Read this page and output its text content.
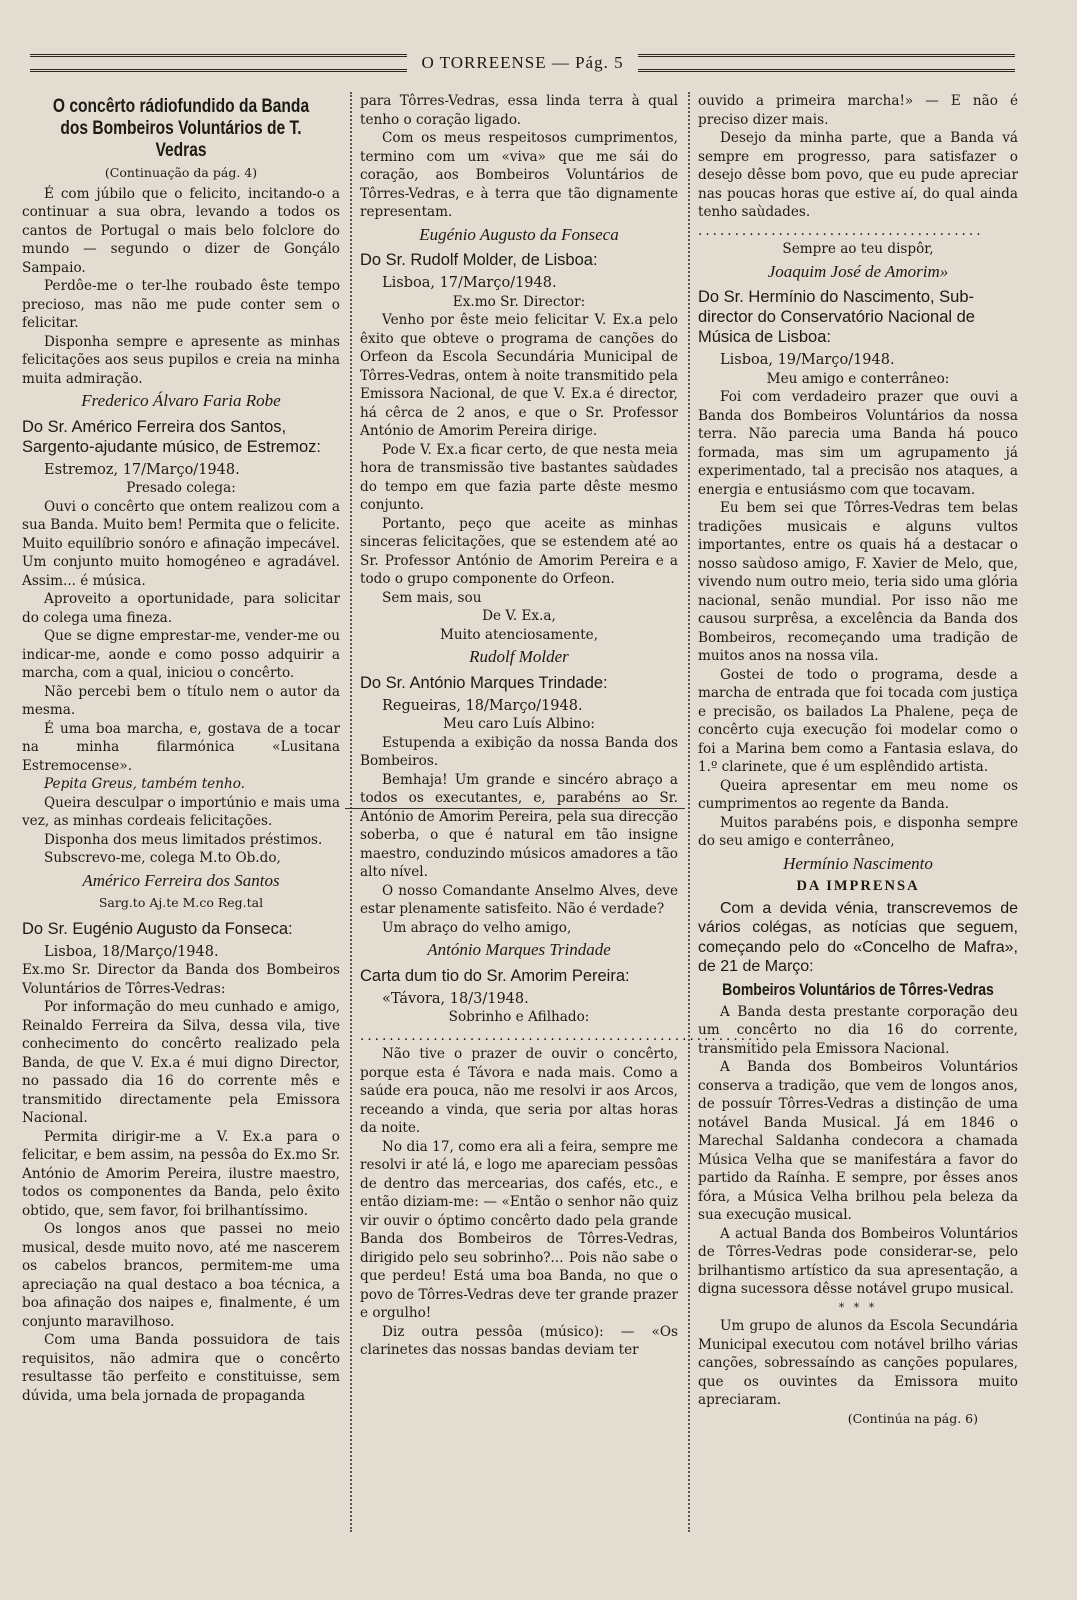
O TORREENSE — Pág. 5
O concêrto rádiofundido da Banda dos Bombeiros Voluntários de T. Vedras
(Continuação da pág. 4)

É com júbilo que o felicito, incitando-o a continuar a sua obra, levando a todos os cantos de Portugal o mais belo folclore do mundo — segundo o dizer de Gonçálo Sampaio.

Perdôe-me o ter-lhe roubado êste tempo precioso, mas não me pude conter sem o felicitar.

Disponha sempre e apresente as minhas felicitações aos seus pupilos e creia na minha muita admiração.

Frederico Álvaro Faria Robe
Do Sr. Américo Ferreira dos Santos, Sargento-ajudante músico, de Estremoz:

Estremoz, 17/Março/1948.

Presado colega:

Ouvi o concêrto que ontem realizou com a sua Banda. Muito bem! Permita que o felicite. Muito equilíbrio sonóro e afinação impecável. Um conjunto muito homogéneo e agradável. Assim... é música.

Aproveito a oportunidade, para solicitar do colega uma fineza.

Que se digne emprestar-me, vender-me ou indicar-me, aonde e como posso adquirir a marcha, com a qual, iniciou o concêrto.

Não percebi bem o título nem o autor da mesma.

É uma boa marcha, e, gostava de a tocar na minha filarmónica «Lusitana Estremocense».

Pepita Greus, também tenho.

Queira desculpar o importúnio e mais uma vez, as minhas cordeais felicitações.

Disponha dos meus limitados préstimos.

Subscrevo-me, colega M.to Ob.do,

Américo Ferreira dos Santos
Sarg.to Aj.te M.co Reg.tal
Do Sr. Eugénio Augusto da Fonseca:

Lisboa, 18/Março/1948.

Ex.mo Sr. Director da Banda dos Bombeiros Voluntários de Tôrres-Vedras:

Por informação do meu cunhado e amigo, Reinaldo Ferreira da Silva, dessa vila, tive conhecimento do concêrto realizado pela Banda, de que V. Ex.a é mui digno Director, no passado dia 16 do corrente mês e transmitido directamente pela Emissora Nacional.

Permita dirigir-me a V. Ex.a para o felicitar, e bem assim, na pessôa do Ex.mo Sr. António de Amorim Pereira, ilustre maestro, todos os componentes da Banda, pelo êxito obtido, que, sem favor, foi brilhantíssimo.

Os longos anos que passei no meio musical, desde muito novo, até me nascerem os cabelos brancos, permitem-me uma apreciação na qual destaco a boa técnica, a boa afinação dos naipes e, finalmente, é um conjunto maravilhoso.

Com uma Banda possuidora de tais requisitos, não admira que o concêrto resultasse tão perfeito e constituisse, sem dúvida, uma bela jornada de propaganda

para Tôrres-Vedras, essa linda terra à qual tenho o coração ligado.

Com os meus respeitosos cumprimentos, termino com um «viva» que me sái do coração, aos Bombeiros Voluntários de Tôrres-Vedras, e à terra que tão dignamente representam.

Eugénio Augusto da Fonseca
Do Sr. Rudolf Molder, de Lisboa:

Lisboa, 17/Março/1948.

Ex.mo Sr. Director:

Venho por êste meio felicitar V. Ex.a pelo êxito que obteve o programa de canções do Orfeon da Escola Secundária Municipal de Tôrres-Vedras, ontem à noite transmitido pela Emissora Nacional, de que V. Ex.a é director, há cêrca de 2 anos, e que o Sr. Professor António de Amorim Pereira dirige.

Pode V. Ex.a ficar certo, de que nesta meia hora de transmissão tive bastantes saùdades do tempo em que fazia parte dêste mesmo conjunto.

Portanto, peço que aceite as minhas sinceras felicitações, que se estendem até ao Sr. Professor António de Amorim Pereira e a todo o grupo componente do Orfeon.

Sem mais, sou

De V. Ex.a,

Muito atenciosamente,

Rudolf Molder
Do Sr. António Marques Trindade:

Regueiras, 18/Março/1948.

Meu caro Luís Albino:

Estupenda a exibição da nossa Banda dos Bombeiros.

Bemhaja! Um grande e sincéro abraço a todos os executantes, e, parabéns ao Sr. António de Amorim Pereira, pela sua direcção soberba, o que é natural em tão insigne maestro, conduzindo músicos amadores a tão alto nível.

O nosso Comandante Anselmo Alves, deve estar plenamente satisfeito. Não é verdade?

Um abraço do velho amigo,

António Marques Trindade
Carta dum tio do Sr. Amorim Pereira:

«Távora, 18/3/1948.

Sobrinho e Afilhado:

........................................................

Não tive o prazer de ouvir o concêrto, porque esta é Távora e nada mais. Como a saúde era pouca, não me resolvi ir aos Arcos, receando a vinda, que seria por altas horas da noite.

No dia 17, como era ali a feira, sempre me resolvi ir até lá, e logo me apareciam pessôas de dentro das mercearias, dos cafés, etc., e então diziam-me: — «Então o senhor não quiz vir ouvir o óptimo concêrto dado pela grande Banda dos Bombeiros de Tôrres-Vedras, dirigido pelo seu sobrinho?... Pois não sabe o que perdeu! Está uma boa Banda, no que o povo de Tôrres-Vedras deve ter grande prazer e orgulho!

Diz outra pessôa (músico): — «Os clarinetes das nossas bandas deviam ter

ouvido a primeira marcha!» — E não é preciso dizer mais.

Desejo da minha parte, que a Banda vá sempre em progresso, para satisfazer o desejo dêsse bom povo, que eu pude apreciar nas poucas horas que estive aí, do qual ainda tenho saùdades.

.......................................

Sempre ao teu dispôr,

Joaquim José de Amorim»
Do Sr. Hermínio do Nascimento, Sub-director do Conservatório Nacional de Música de Lisboa:

Lisboa, 19/Março/1948.

Meu amigo e conterrâneo:

Foi com verdadeiro prazer que ouvi a Banda dos Bombeiros Voluntários da nossa terra. Não parecia uma Banda há pouco formada, mas sim um agrupamento já experimentado, tal a precisão nos ataques, a energia e entusiásmo com que tocavam.

Eu bem sei que Tôrres-Vedras tem belas tradições musicais e alguns vultos importantes, entre os quais há a destacar o nosso saùdoso amigo, F. Xavier de Melo, que, vivendo num outro meio, teria sido uma glória nacional, senão mundial. Por isso não me causou surprêsa, a excelência da Banda dos Bombeiros, recomeçando uma tradição de muitos anos na nossa vila.

Gostei de todo o programa, desde a marcha de entrada que foi tocada com justiça e precisão, os bailados La Phalene, peça de concêrto cuja execução foi modelar como o foi a Marina bem como a Fantasia eslava, do 1.º clarinete, que é um esplêndido artista.

Queira apresentar em meu nome os cumprimentos ao regente da Banda.

Muitos parabéns pois, e disponha sempre do seu amigo e conterrâneo,

Hermínio Nascimento
DA IMPRENSA

Com a devida vénia, transcrevemos de vários colégas, as notícias que seguem, começando pelo do «Concelho de Mafra», de 21 de Março:

Bombeiros Voluntários de Tôrres-Vedras

A Banda desta prestante corporação deu um concêrto no dia 16 do corrente, transmitido pela Emissora Nacional.

A Banda dos Bombeiros Voluntários conserva a tradição, que vem de longos anos, de possuír Tôrres-Vedras a distinção de uma notável Banda Musical. Já em 1846 o Marechal Saldanha condecora a chamada Música Velha que se manifestára a favor do partido da Raínha. E sempre, por êsses anos fóra, a Música Velha brilhou pela beleza da sua execução musical.

A actual Banda dos Bombeiros Voluntários de Tôrres-Vedras pode considerar-se, pelo brilhantismo artístico da sua apresentação, a digna sucessora dêsse notável grupo musical.

* * *

Um grupo de alunos da Escola Secundária Municipal executou com notável brilho várias canções, sobressaíndo as canções populares, que os ouvintes da Emissora muito apreciaram.

(Continúa na pág. 6)
